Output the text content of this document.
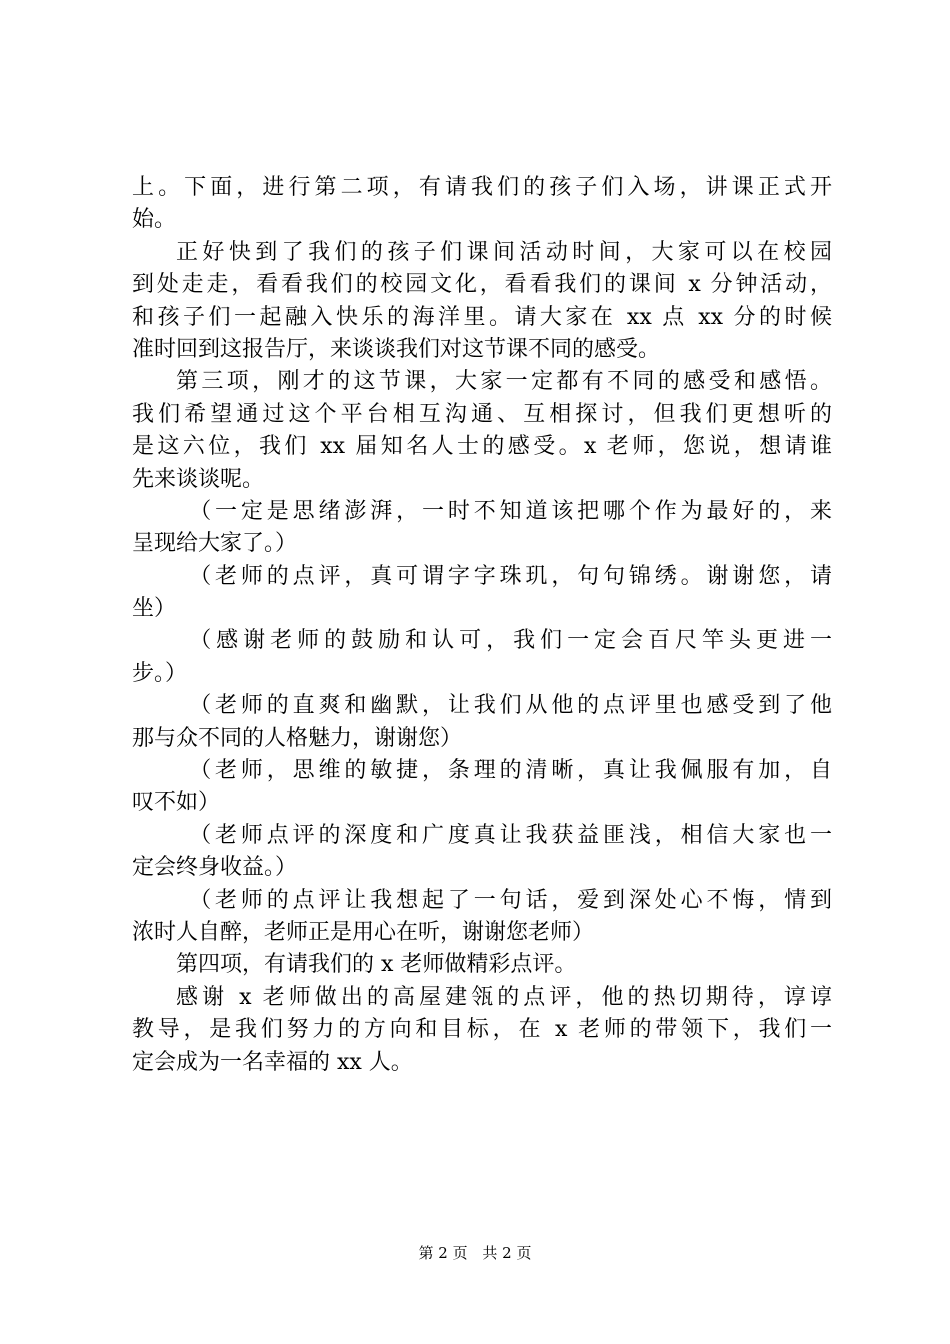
上。下面，进行第二项，有请我们的孩子们入场，讲课正式开
始。
正好快到了我们的孩子们课间活动时间，大家可以在校园
到处走走，看看我们的校园文化，看看我们的课间 x 分钟活动，
和孩子们一起融入快乐的海洋里。请大家在 xx 点 xx 分的时候
准时回到这报告厅，来谈谈我们对这节课不同的感受。
第三项，刚才的这节课，大家一定都有不同的感受和感悟。
我们希望通过这个平台相互沟通、互相探讨，但我们更想听的
是这六位，我们 xx 届知名人士的感受。x 老师，您说，想请谁
先来谈谈呢。
（一定是思绪澎湃，一时不知道该把哪个作为最好的，来
呈现给大家了。）
（老师的点评，真可谓字字珠玑，句句锦绣。谢谢您，请
坐）
（感谢老师的鼓励和认可，我们一定会百尺竿头更进一
步。）
（老师的直爽和幽默，让我们从他的点评里也感受到了他
那与众不同的人格魅力，谢谢您）
（老师，思维的敏捷，条理的清晰，真让我佩服有加，自
叹不如）
（老师点评的深度和广度真让我获益匪浅，相信大家也一
定会终身收益。）
（老师的点评让我想起了一句话，爱到深处心不悔，情到
浓时人自醉，老师正是用心在听，谢谢您老师）
第四项，有请我们的 x 老师做精彩点评。
感谢 x 老师做出的高屋建瓴的点评，他的热切期待，谆谆
教导，是我们努力的方向和目标，在 x 老师的带领下，我们一
定会成为一名幸福的 xx 人。
第 2 页 共 2 页
